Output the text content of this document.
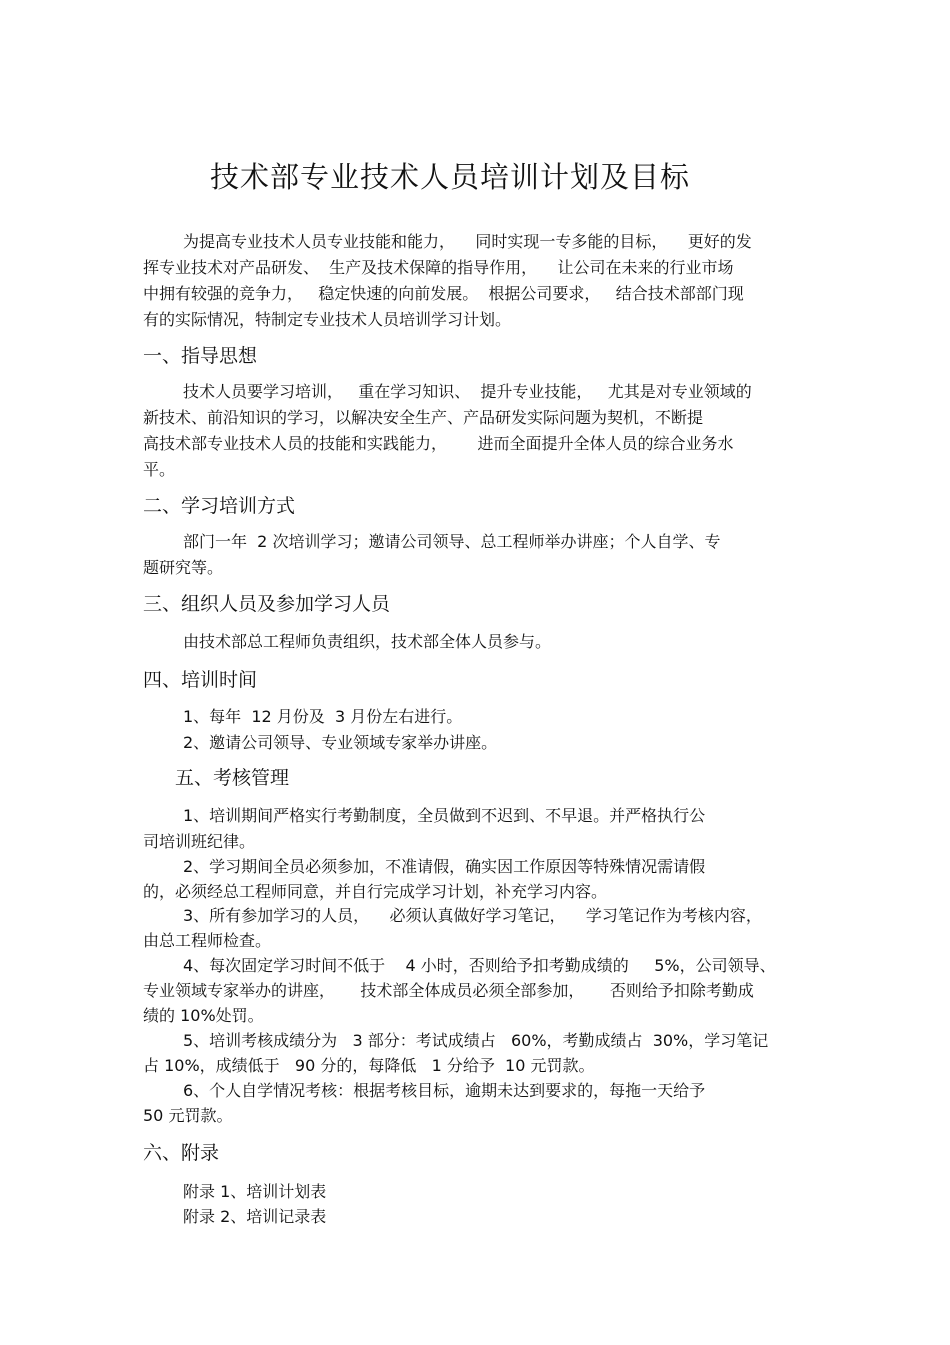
技术部专业技术人员培训计划及目标
为提高专业技术人员专业技能和能力，    同时实现一专多能的目标，    更好的发
挥专业技术对产品研发、  生产及技术保障的指导作用，    让公司在未来的行业市场
中拥有较强的竞争力，   稳定快速的向前发展。  根据公司要求，   结合技术部部门现
有的实际情况，特制定专业技术人员培训学习计划。
一、指导思想
技术人员要学习培训，   重在学习知识、  提升专业技能，   尤其是对专业领域的
新技术、前沿知识的学习，以解决安全生产、产品研发实际问题为契机，不断提
高技术部专业技术人员的技能和实践能力，      进而全面提升全体人员的综合业务水
平。
二、学习培训方式
部门一年  2 次培训学习；邀请公司领导、总工程师举办讲座；个人自学、专
题研究等。
三、组织人员及参加学习人员
由技术部总工程师负责组织，技术部全体人员参与。
四、培训时间
1、每年  12 月份及  3 月份左右进行。
2、邀请公司领导、专业领域专家举办讲座。
五、考核管理
1、培训期间严格实行考勤制度，全员做到不迟到、不早退。并严格执行公
司培训班纪律。
2、学习期间全员必须参加，不准请假，确实因工作原因等特殊情况需请假
的，必须经总工程师同意，并自行完成学习计划，补充学习内容。
3、所有参加学习的人员，    必须认真做好学习笔记，    学习笔记作为考核内容，
由总工程师检查。
4、每次固定学习时间不低于    4 小时，否则给予扣考勤成绩的     5%，公司领导、
专业领域专家举办的讲座，     技术部全体成员必须全部参加，     否则给予扣除考勤成
绩的 10%处罚。
5、培训考核成绩分为   3 部分：考试成绩占   60%，考勤成绩占  30%，学习笔记
占 10%，成绩低于   90 分的，每降低   1 分给予  10 元罚款。
6、个人自学情况考核：根据考核目标，逾期未达到要求的，每拖一天给予
50 元罚款。
六、附录
附录 1、培训计划表
附录 2、培训记录表
